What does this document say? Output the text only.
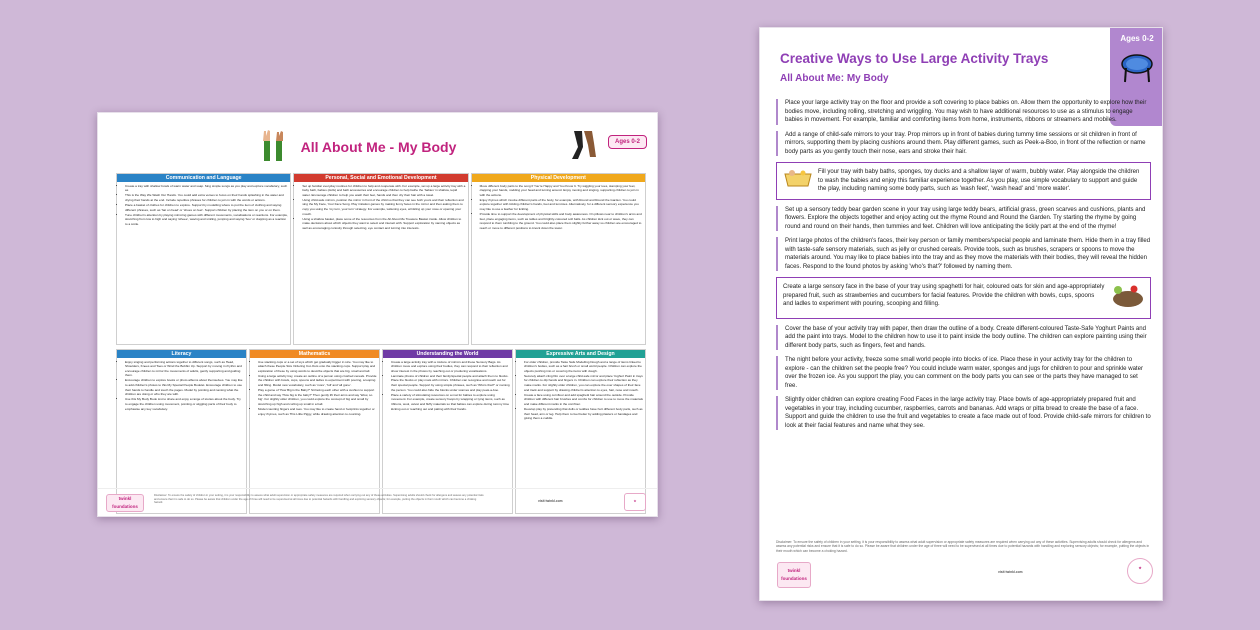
All About Me - My Body	Ages 0-2
Communication and Language
• Create a tray with shallow bowls of warm water and soap. Sing simple songs as you play and explore vocabulary, such as
• This is the Way We Wash Our Hands. You could add extra verses to focus on their hands splashing in the water and drying their hands at the end. Include repetitive phrases for children to join in with the words or actions.
• Place a basket of clothes for children to explore. Support by modelling where to put the item of clothing and saying different phrases, such as 'hat on head' or 'shoes on feet'. Support children by placing the item on you or on them.
• Tune children's attention by playing mirroring games with different movements, vocalisations or reactions. For example, stretching from low to high and saying 'wheee', waving and smiling, jumping and saying 'boo' or clapping as a reaction to a smile.
Personal, Social and Emotional Development
• Set up familiar everyday routines for children to help and cooperate with. For example, set up a large activity tray with a baby bath, babies (dolls) and bath accessories and encourage children to help bathe the 'babies' in shallow, tepid water. Encourage children to help you wash their feet, hands and then dry their hair with a towel.
• Using child-safe mirrors, position the mirror in front of the child so that they can see both yours and their reflection and sing the My Face, Your Face Song. Play imitation games by making funny faces in the mirror and then asking them to copy you using the 'my turn, your turn' strategy. For example, widening eyes, wrinkling up your nose or opening your mouth.
• Using a shallow basket, place some of the resources from the All About Me Treasure Basket inside. Allow children to make decisions about which objects they want to select and interact with. Support exploration by naming objects as well as encouraging curiosity through selecting, eye contact and turning into interests.
Physical Development
• Move different body parts to the song If You're Happy and You Know It. Try wiggling your toes, stamping your feet, clapping your hands, nodding your head and turning around. Enjoy moving and singing, supporting children to join in with the actions.
• Enjoy rhymes which involve different parts of the body, for example, with Round and Round the Garden. You could explore together with tickling children's hands, feet and tummies. Alternatively, for a different sensory experience you may like to use a feather for tickling.
• Provide time to support the development of physical skills and body awareness. On pillows near to children's arms and feet, place engaging items, such as rattles and brightly-coloured soft balls. As children kick out or wave, they can respond to them tumbling to the ground. You could also place them slightly further away so children are encouraged to reach or move to different positions to knock down the tower.
Literacy
• Enjoy singing and performing actions together to different songs, such as Head, Shoulders, Knees and Toes or Wind the Bobbin Up. Support by moving in rhythm and encourage children to mirror the movements of adults, gently supporting and guiding them.
• Encourage children to explore books or photo albums about themselves. You may like to add children's photos to this My Special People Booklet. Encourage children to use their hands to handle and touch the pages. Model by pointing and naming what the children are doing or who they are with.
• Use this My Body Book List to share and enjoy a range of stories about the body. Try to engage the children using movement, pointing or wiggling parts of their body to emphasise any key vocabulary.
Mathematics
• Use stacking cups or a set of toys which get gradually bigger in size. You may like to attach these People Size Ordering Cut-Outs onto the stacking cups. Support play and exploration of these by using words to describe objects that are big, small and tall.
• Using a large activity tray, create an outline of a person using crushed cereals. Provide the children with bowls, cups, spoons and ladles to experiment with pouring, scooping and filling. Model new vocabulary, such as 'more', 'full' and 'all gone'.
• Play a game of 'How Big is the Baby?' Sit facing each other with a cushion to support the child and say 'How big is the baby?' Then gently lift their arms and say 'Wow, so big'. For slightly older children, you could explore the concept of big and small by stretching up high and curling up small in a ball.
• Model counting fingers and toes. You may like to create hand or footprints together or enjoy rhymes, such as This Little Piggy, while drawing attention to counting.
Understanding the World
• Create a large activity tray with a mixture of mirrors and these Sensory Bags. As children move and explore using their bodies, they can respond to their reflection and show interest in the photos by reaching out or producing vocalisations.
• Laminate photos of children and their family/special people and attach them to blocks. Place the blocks or play mats with mirrors. Children can recognise and reach out for their special people. Support by using simple phrases, such as 'Who's that?' or naming the person. You could also hide the blocks under scarves and play peek-a-boo.
• Place a variety of stimulating resources on a mat for babies to explore using movement. For example, create sensory hoops by wrapping or tying items, such as ribbons, wool, velvet and fluffy materials so that babies can explore during tummy time kicking out or reaching out and patting with their hands.
Expressive Arts and Design
• For older children, provide Taste Safe Modelling Dough and a range of items linked to children's bodies, such as a hair brush or small world people. Children can explore the objects pushing into or covering the items with dough.
• Securely attach cling film over a large child-safe mirror and place Yoghurt Paint in trays for children to dip hands and fingers in. Children can explore their reflection as they make marks. For slightly older children, you can explore the over shapes of their face and track and support by drawing children's attention to eyes, hair, nose and mouth.
• Create a face using cornflour and add spaghetti hair around the outside. Provide children with different hair brushes and combs for children to use to move the materials and make different marks in the cornflour.
• Develop play by pretending that dolls or teddies have hurt different body parts, such as their head, arm or leg. Help them to feel better by adding plasters or bandages and giving them a cuddle.
twinkl foundations
Disclaimer: To ensure the safety of children in your setting, it is your responsibility to assess what adult supervision or appropriate safety measures are required when carrying out any of these activities. Supervising adults should check for allergens and assess any potential risks and ensure that it is safe to do so. Please be aware that children under the age of three will need to be supervised at all times due to potential hazards with handling and exploring sensory objects; for example, putting the objects in their mouth which can become a choking hazard.	visit twinkl.com	★
Creative Ways to Use Large Activity Trays
All About Me: My Body
Ages 0-2
Place your large activity tray on the floor and provide a soft covering to place babies on. Allow them the opportunity to explore how their bodies move, including rolling, stretching and wriggling. You may wish to have additional resources to use as a stimulus to engage babies in movement. For example, familiar and comforting items from home, instruments, ribbons or streamers and mobiles.
Add a range of child-safe mirrors to your tray. Prop mirrors up in front of babies during tummy time sessions or sit children in front of mirrors, supporting them by placing cushions around them. Play different games, such as Peek-a-Boo, in front of the reflection or name body parts as you gently touch their nose, ears and stroke their hair.
Fill your tray with baby baths, sponges, toy ducks and a shallow layer of warm, bubbly water. Play alongside the children to wash the babies and enjoy this familiar experience together. As you play, use simple vocabulary to support and guide the play, including naming some body parts, such as 'wash feet', 'wash head' and 'more water'.
Set up a sensory teddy bear garden scene in your tray using large teddy bears, artificial grass, green scarves and cushions, plants and flowers. Explore the objects together and enjoy acting out the rhyme Round and Round the Garden. Try starting the rhyme by going round and round on their hands, then tummies and feet. Children will love anticipating the tickly part at the end of the rhyme!
Print large photos of the children's faces, their key person or family members/special people and laminate them. Hide them in a tray filled with taste-safe sensory materials, such as jelly or crushed cereals. Provide tools, such as brushes, scrapers or spoons to move the materials around. You may like to place babies into the tray and as they move the materials with their bodies, they will reveal the hidden faces. Respond to the found photos by asking 'who's that?' followed by naming them.
Create a large sensory face in the base of your tray using spaghetti for hair, coloured oats for skin and age-appropriately prepared fruit, such as strawberries and cucumbers for facial features. Provide the children with bowls, cups, spoons and ladles to experiment with pouring, scooping and filling.
Cover the base of your activity tray with paper, then draw the outline of a body. Create different-coloured Taste-Safe Yoghurt Paints and add the paint into trays. Model to the children how to use it to paint inside the body outline. The children can explore painting using their different body parts, such as fingers, feet and hands.
The night before your activity, freeze some small world people into blocks of ice. Place these in your activity tray for the children to explore - can the children set the people free? You could include warm water, sponges and jugs for children to pour and sprinkle water over the frozen ice. As you support the play, you can comment on the body parts you can see or the parts they have managed to set free.
Slightly older children can explore creating Food Faces in the large activity tray. Place bowls of age-appropriately prepared fruit and vegetables in your tray, including cucumber, raspberries, carrots and bananas. Add wraps or pitta bread to create the base of a face. Support and guide the children to use the fruit and vegetables to create a face made out of food. Provide child-safe mirrors for children to look at their facial features and name what they see.
Disclaimer: To ensure the safety of children in your setting, it is your responsibility to assess what adult supervision or appropriate safety measures are required when carrying out any of these activities. Supervising adults should check for allergens and assess any potential risks and ensure that it is safe to do so. Please be aware that children under the age of three will need to be supervised at all times due to potential hazards with handling and exploring sensory objects; for example, putting the objects in their mouth which can become a choking hazard.
twinkl foundations
visit twinkl.com
★
